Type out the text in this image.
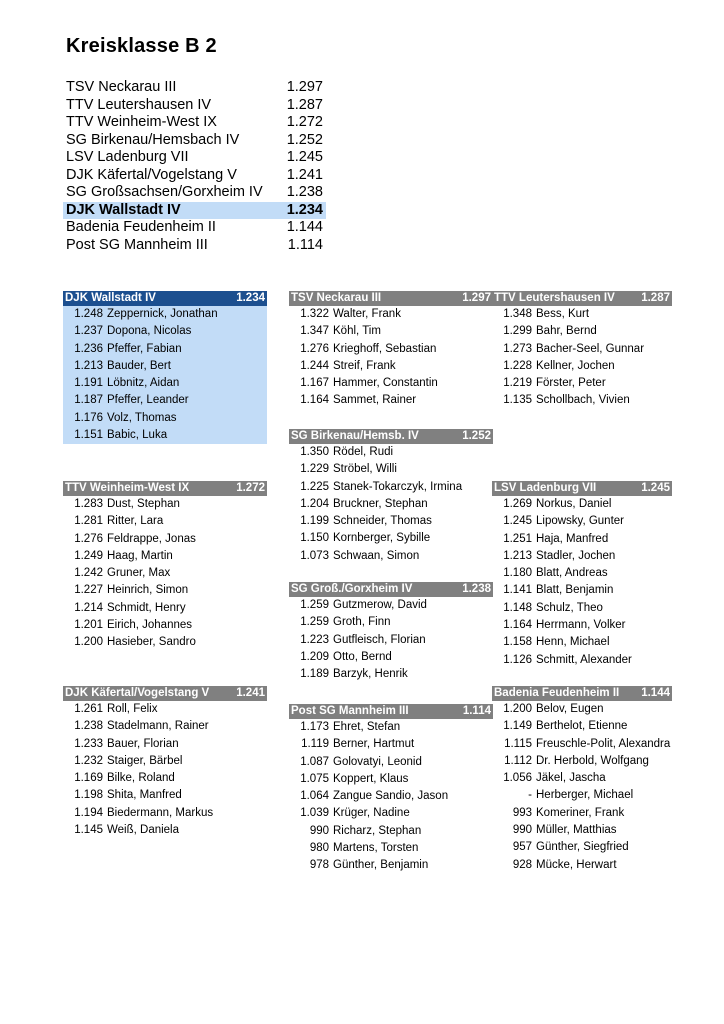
Kreisklasse B 2
TSV Neckarau III	1.297
TTV Leutershausen IV	1.287
TTV Weinheim-West IX	1.272
SG Birkenau/Hemsbach IV	1.252
LSV Ladenburg VII	1.245
DJK Käfertal/Vogelstang V	1.241
SG Großsachsen/Gorxheim IV 1.238
DJK Wallstadt IV	1.234
Badenia Feudenheim II	1.144
Post SG Mannheim III	1.114
DJK Wallstadt IV	1.234
1.248 Zeppernick, Jonathan
1.237 Dopona, Nicolas
1.236 Pfeffer, Fabian
1.213 Bauder, Bert
1.191 Löbnitz, Aidan
1.187 Pfeffer, Leander
1.176 Volz, Thomas
1.151 Babic, Luka
TSV Neckarau III	1.297
1.322 Walter, Frank
1.347 Köhl, Tim
1.276 Krieghoff, Sebastian
1.244 Streif, Frank
1.167 Hammer, Constantin
1.164 Sammet, Rainer
TTV Leutershausen IV 1.287
1.348 Bess, Kurt
1.299 Bahr, Bernd
1.273 Bacher-Seel, Gunnar
1.228 Kellner, Jochen
1.219 Förster, Peter
1.135 Schollbach, Vivien
SG Birkenau/Hemsb. IV	1.252
1.350 Rödel, Rudi
1.229 Ströbel, Willi
1.225 Stanek-Tokarczyk, Irmina
1.204 Bruckner, Stephan
1.199 Schneider, Thomas
1.150 Kornberger, Sybille
1.073 Schwaan, Simon
TTV Weinheim-West IX	1.272
1.283 Dust, Stephan
1.281 Ritter, Lara
1.276 Feldrappe, Jonas
1.249 Haag, Martin
1.242 Gruner, Max
1.227 Heinrich, Simon
1.214 Schmidt, Henry
1.201 Eirich, Johannes
1.200 Hasieber, Sandro
LSV Ladenburg VII	1.245
1.269 Norkus, Daniel
1.245 Lipowsky, Gunter
1.251 Haja, Manfred
1.213 Stadler, Jochen
1.180 Blatt, Andreas
1.141 Blatt, Benjamin
1.148 Schulz, Theo
1.164 Herrmann, Volker
1.158 Henn, Michael
1.126 Schmitt, Alexander
SG Groß./Gorxheim IV	1.238
1.259 Gutzmerow, David
1.259 Groth, Finn
1.223 Gutfleisch, Florian
1.209 Otto, Bernd
1.189 Barzyk, Henrik
DJK Käfertal/Vogelstang V 1.241
1.261 Roll, Felix
1.238 Stadelmann, Rainer
1.233 Bauer, Florian
1.232 Staiger, Bärbel
1.169 Bilke, Roland
1.198 Shita, Manfred
1.194 Biedermann, Markus
1.145 Weiß, Daniela
Post SG Mannheim III	1.114
1.173 Ehret, Stefan
1.119 Berner, Hartmut
1.087 Golovatyi, Leonid
1.075 Koppert, Klaus
1.064 Zangue Sandio, Jason
1.039 Krüger, Nadine
990 Richarz, Stephan
980 Martens, Torsten
978 Günther, Benjamin
Badenia Feudenheim II 1.144
1.200 Belov, Eugen
1.149 Berthelot, Etienne
1.115 Freuschle-Polit, Alexandra
1.112 Dr. Herbold, Wolfgang
1.056 Jäkel, Jascha
- Herberger, Michael
993 Komeriner, Frank
990 Müller, Matthias
957 Günther, Siegfried
928 Mücke, Herwart
